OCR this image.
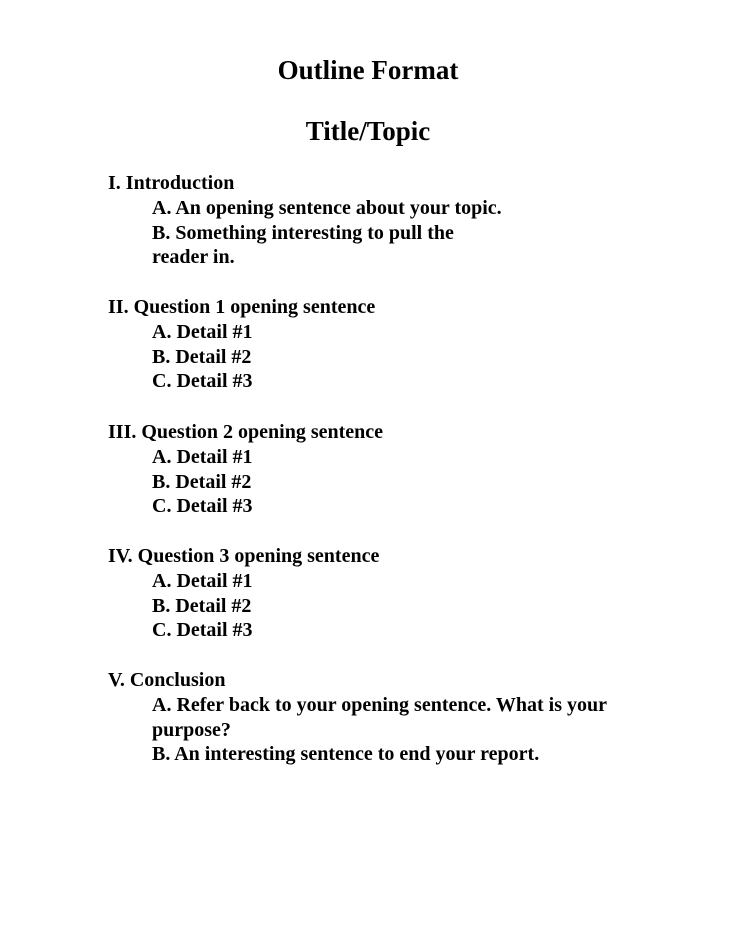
Outline Format
Title/Topic

I. Introduction

A. An opening sentence about your topic.

B. Something interesting to pull the reader in.

II. Question 1 opening sentence

A. Detail #1

B. Detail #2

C. Detail #3

III. Question 2 opening sentence

A. Detail #1

B. Detail #2

C. Detail #3

IV. Question 3 opening sentence

A. Detail #1

B. Detail #2

C. Detail #3

V. Conclusion

A. Refer back to your opening sentence. What is your purpose?

B. An interesting sentence to end your report.
